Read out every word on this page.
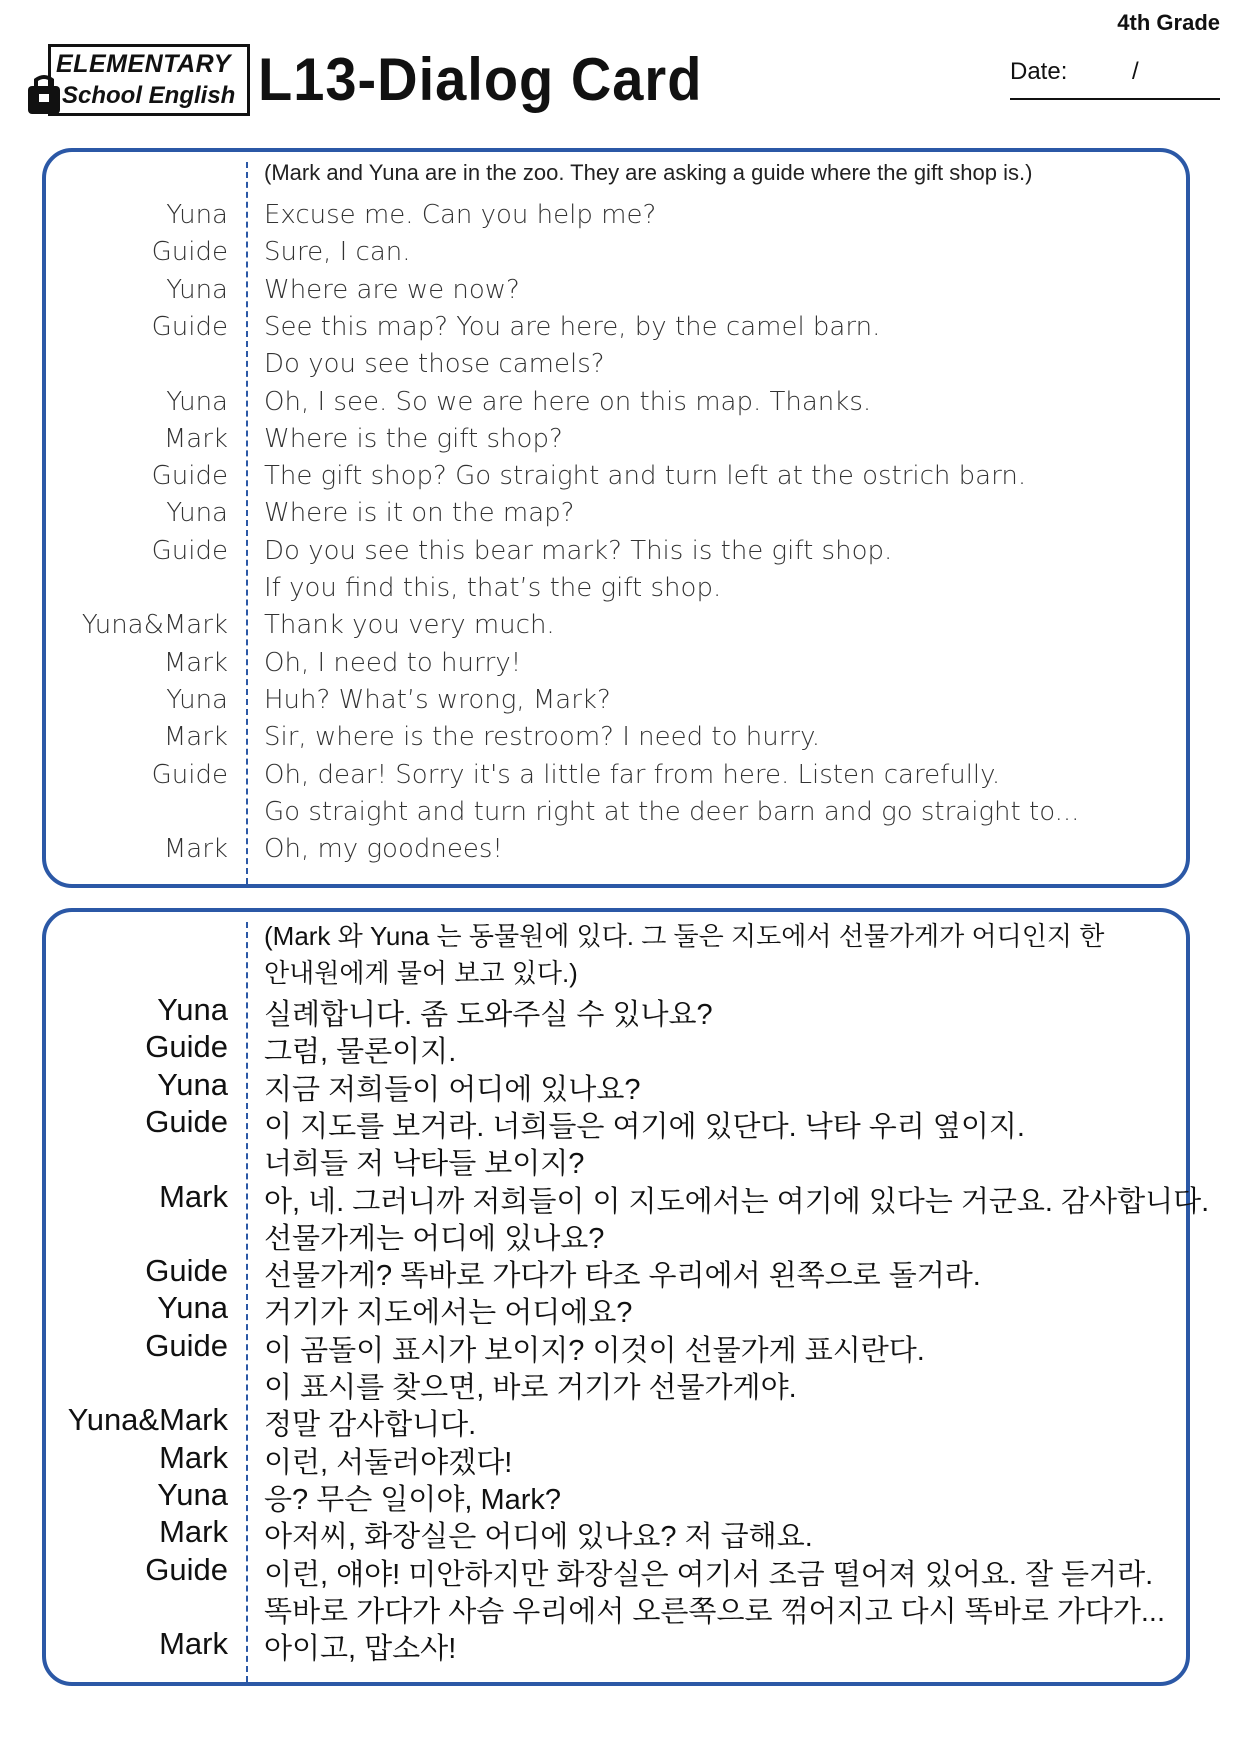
4th Grade
ELEMENTARY
School English L13-Dialog Card	Date:	/
(Mark and Yuna are in the zoo. They are asking a guide where the gift shop is.)
Yuna Excuse me. Can you help me?
Guide Sure, I can.
Yuna Where are we now?
Guide See this map? You are here, by the camel barn.
Do you see those camels?
Yuna Oh, I see. So we are here on this map. Thanks.
Mark Where is the gift shop?
Guide The gift shop? Go straight and turn left at the ostrich barn.
Yuna Where is it on the map?
Guide Do you see this bear mark? This is the gift shop.
If you find this, that’s the gift shop.
Yuna&Mark Thank you very much.
Mark Oh, I need to hurry!
Yuna Huh? What’s wrong, Mark?
Mark Sir, where is the restroom? I need to hurry.
Guide Oh, dear! Sorry it's a little far from here. Listen carefully.
Go straight and turn right at the deer barn and go straight to...
Mark Oh, my goodnees!
(Mark 와 Yuna 는 동물원에 있다. 그 둘은 지도에서 선물가게가 어디인지 한
안내원에게 물어 보고 있다.)
Yuna 실례합니다. 좀 도와주실 수 있나요?
Guide 그럼, 물론이지.
Yuna 지금 저희들이 어디에 있나요?
Guide 이 지도를 보거라. 너희들은 여기에 있단다. 낙타 우리 옆이지.
너희들 저 낙타들 보이지?
Mark 아, 네. 그러니까 저희들이 이 지도에서는 여기에 있다는 거군요. 감사합니다.
선물가게는 어디에 있나요?
Guide 선물가게? 똑바로 가다가 타조 우리에서 왼쪽으로 돌거라.
Yuna 거기가 지도에서는 어디에요?
Guide 이 곰돌이 표시가 보이지? 이것이 선물가게 표시란다.
이 표시를 찾으면, 바로 거기가 선물가게야.
Yuna&Mark 정말 감사합니다.
Mark 이런, 서둘러야겠다!
Yuna 응? 무슨 일이야, Mark?
Mark 아저씨, 화장실은 어디에 있나요? 저 급해요.
Guide 이런, 얘야! 미안하지만 화장실은 여기서 조금 떨어져 있어요. 잘 듣거라.
똑바로 가다가 사슴 우리에서 오른쪽으로 꺾어지고 다시 똑바로 가다가...
Mark 아이고, 맙소사!
